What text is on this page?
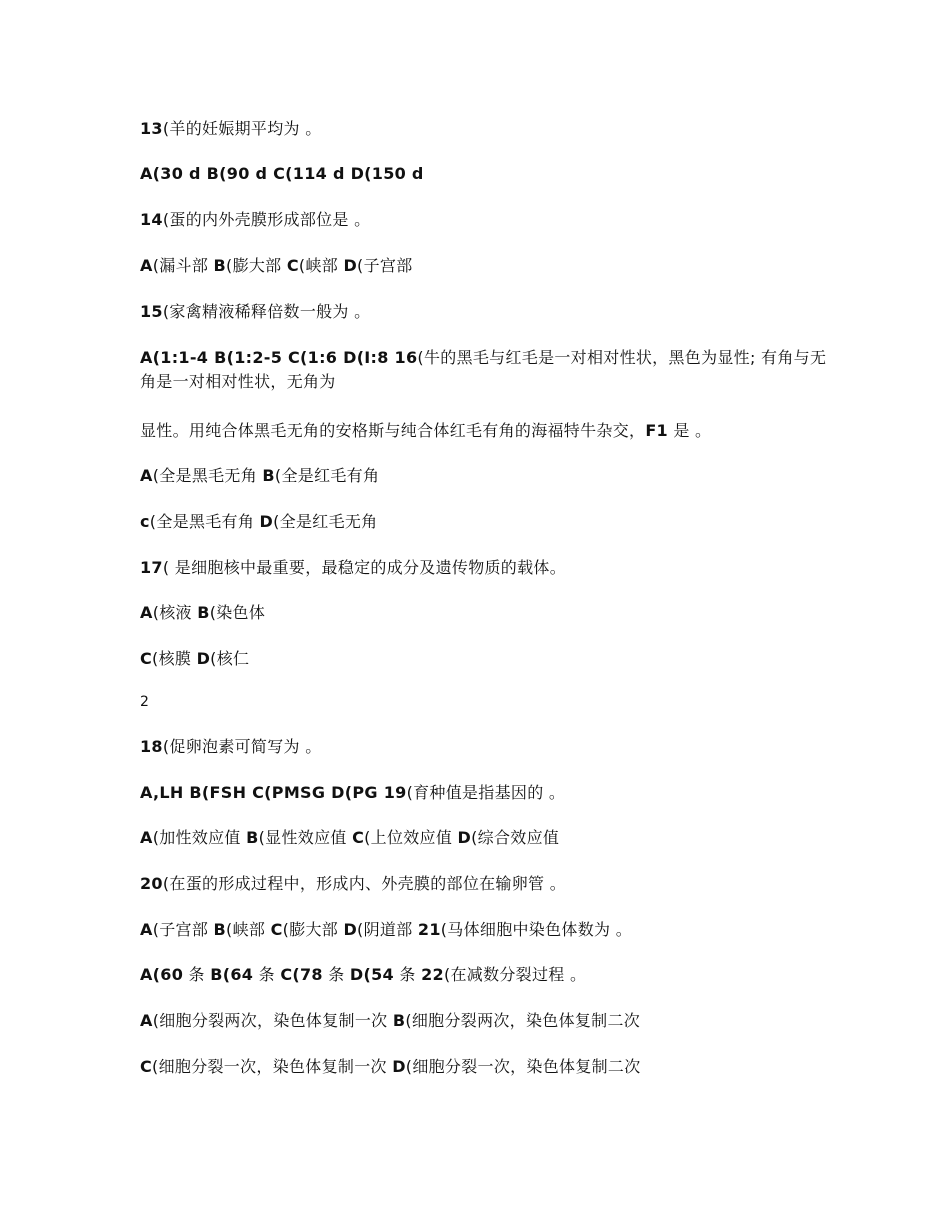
13(羊的妊娠期平均为 。
A(30 d B(90 d C(114 d D(150 d
14(蛋的内外壳膜形成部位是 。
A(漏斗部 B(膨大部 C(峡部 D(子宫部
15(家禽精液稀释倍数一般为 。
A(1:1-4 B(1:2-5 C(1:6 D(I:8 16(牛的黑毛与红毛是一对相对性状，黑色为显性; 有角与无角是一对相对性状，无角为
显性。用纯合体黑毛无角的安格斯与纯合体红毛有角的海福特牛杂交，F1 是 。
A(全是黑毛无角 B(全是红毛有角
c(全是黑毛有角 D(全是红毛无角
17( 是细胞核中最重要，最稳定的成分及遗传物质的载体。
A(核液 B(染色体
C(核膜 D(核仁
2
18(促卵泡素可简写为 。
A,LH B(FSH C(PMSG D(PG 19(育种值是指基因的 。
A(加性效应值 B(显性效应值 C(上位效应值 D(综合效应值
20(在蛋的形成过程中，形成内、外壳膜的部位在输卵管 。
A(子宫部 B(峡部 C(膨大部 D(阴道部 21(马体细胞中染色体数为 。
A(60 条 B(64 条 C(78 条 D(54 条 22(在减数分裂过程 。
A(细胞分裂两次，染色体复制一次 B(细胞分裂两次，染色体复制二次
C(细胞分裂一次，染色体复制一次 D(细胞分裂一次，染色体复制二次
